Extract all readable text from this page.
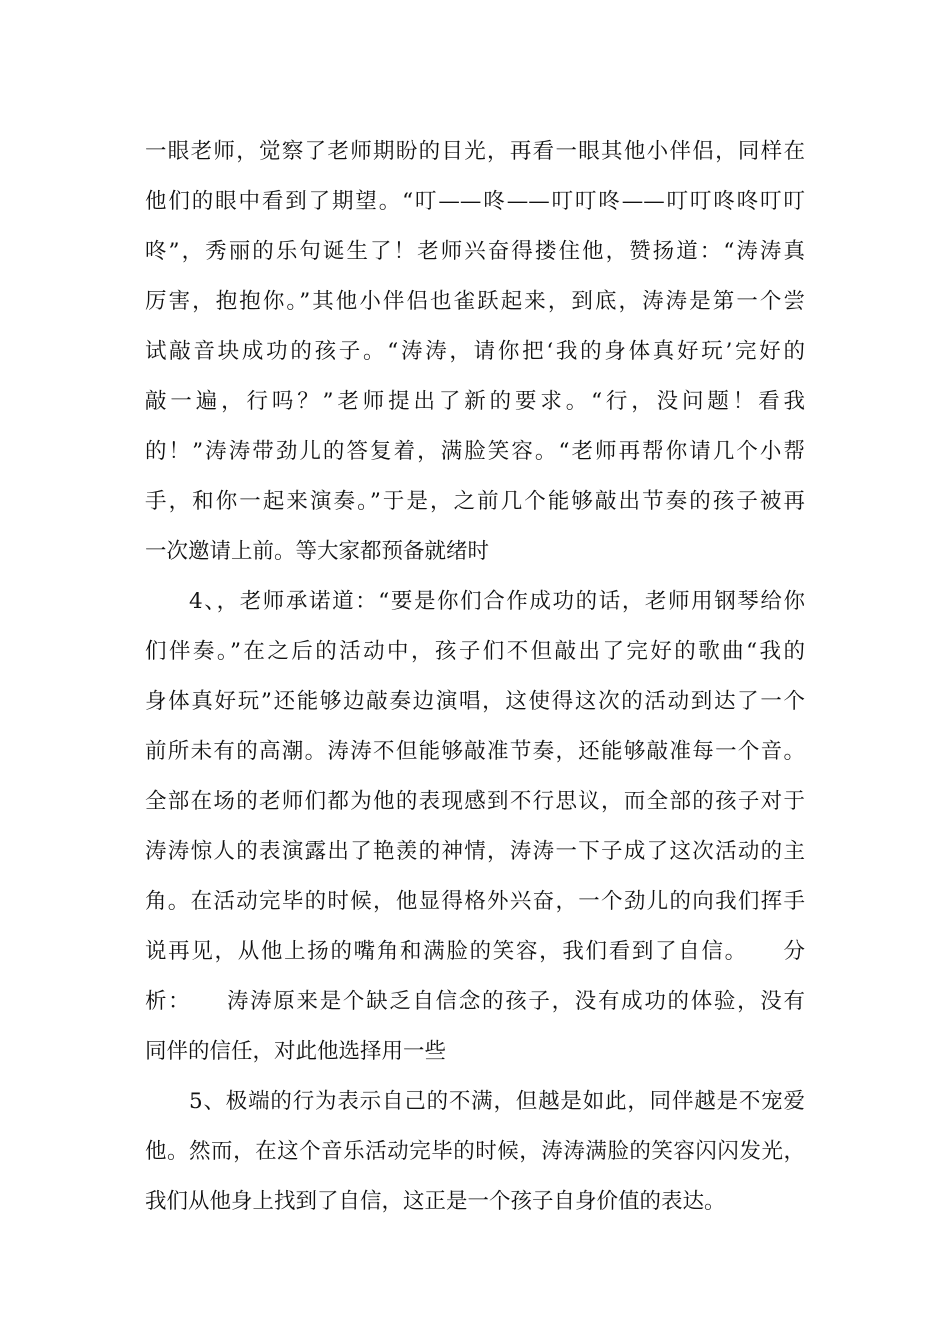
一眼老师，觉察了老师期盼的目光，再看一眼其他小伴侣，同样在
他们的眼中看到了期望。“叮——咚——叮叮咚——叮叮咚咚叮叮
咚”，秀丽的乐句诞生了！老师兴奋得搂住他，赞扬道：“涛涛真
厉害，抱抱你。”其他小伴侣也雀跃起来，到底，涛涛是第一个尝
试敲音块成功的孩子。“涛涛，请你把‘我的身体真好玩’完好的
敲一遍，行吗？”老师提出了新的要求。“行，没问题！看我
的！”涛涛带劲儿的答复着，满脸笑容。“老师再帮你请几个小帮
手，和你一起来演奏。”于是，之前几个能够敲出节奏的孩子被再
一次邀请上前。等大家都预备就绪时
4、，老师承诺道：“要是你们合作成功的话，老师用钢琴给你
们伴奏。”在之后的活动中，孩子们不但敲出了完好的歌曲“我的
身体真好玩”还能够边敲奏边演唱，这使得这次的活动到达了一个
前所未有的高潮。涛涛不但能够敲准节奏，还能够敲准每一个音。
全部在场的老师们都为他的表现感到不行思议，而全部的孩子对于
涛涛惊人的表演露出了艳羡的神情，涛涛一下子成了这次活动的主
角。在活动完毕的时候，他显得格外兴奋，一个劲儿的向我们挥手
说再见，从他上扬的嘴角和满脸的笑容，我们看到了自信。　　分
析：　　涛涛原来是个缺乏自信念的孩子，没有成功的体验，没有
同伴的信任，对此他选择用一些
5、极端的行为表示自己的不满，但越是如此，同伴越是不宠爱
他。然而，在这个音乐活动完毕的时候，涛涛满脸的笑容闪闪发光，
我们从他身上找到了自信，这正是一个孩子自身价值的表达。
